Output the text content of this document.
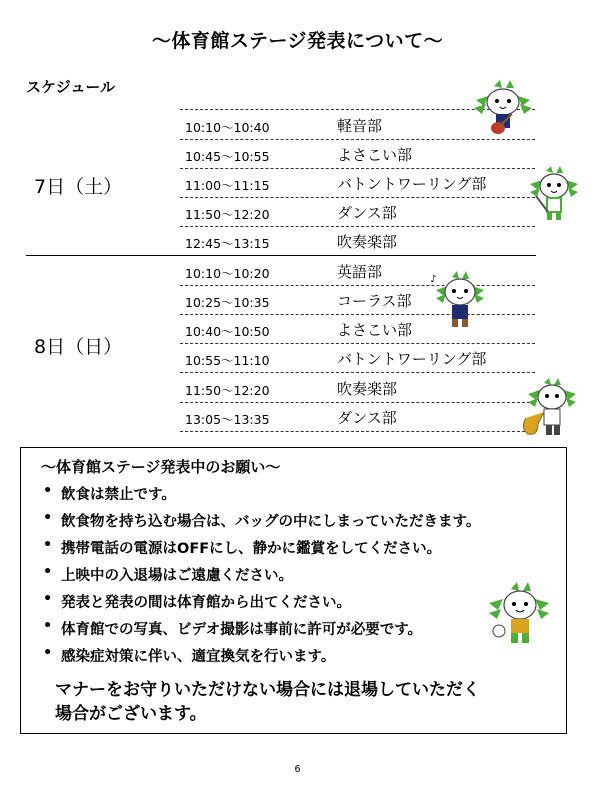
～体育館ステージ発表について～
スケジュール
7日（土）
10:10～10:40	軽音部
10:45～10:55	よさこい部
11:00～11:15	バトントワーリング部
11:50～12:20	ダンス部
12:45～13:15	吹奏楽部
8日（日）
10:10～10:20	英語部
10:25～10:35	コーラス部
10:40～10:50	よさこい部
10:55～11:10	バトントワーリング部
11:50～12:20	吹奏楽部
13:05～13:35	ダンス部
♪
～体育館ステージ発表中のお願い～
• 飲食は禁止です。
• 飲食物を持ち込む場合は、バッグの中にしまっていただきます。
• 携帯電話の電源はOFFにし、静かに鑑賞をしてください。
• 上映中の入退場はご遠慮ください。
• 発表と発表の間は体育館から出てください。
• 体育館での写真、ビデオ撮影は事前に許可が必要です。
• 感染症対策に伴い、適宜換気を行います。
マナーをお守りいただけない場合には退場していただく
場合がございます。
6
